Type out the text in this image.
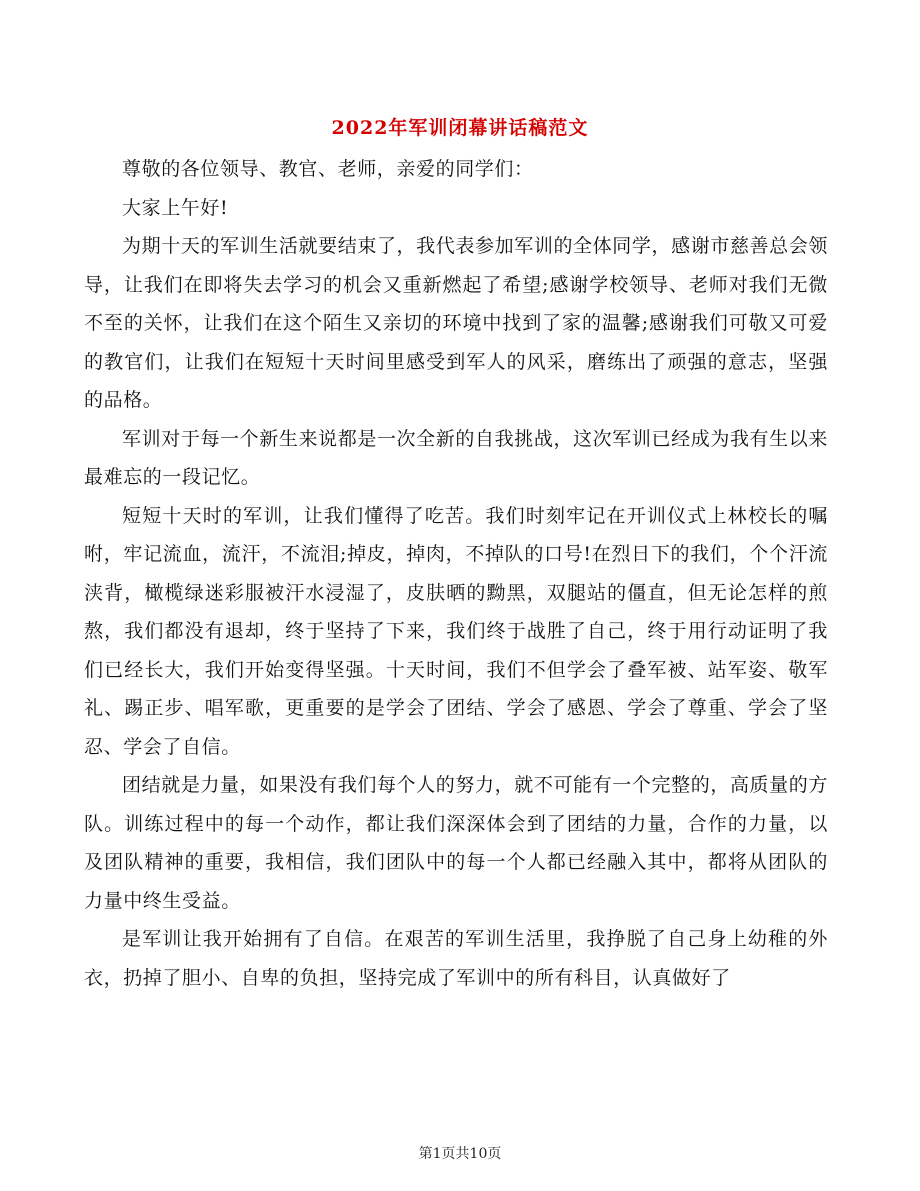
2022年军训闭幕讲话稿范文

尊敬的各位领导、教官、老师，亲爱的同学们：

大家上午好!

为期十天的军训生活就要结束了，我代表参加军训的全体同学，感谢市慈善总会领导，让我们在即将失去学习的机会又重新燃起了希望;感谢学校领导、老师对我们无微不至的关怀，让我们在这个陌生又亲切的环境中找到了家的温馨;感谢我们可敬又可爱的教官们，让我们在短短十天时间里感受到军人的风采，磨练出了顽强的意志，坚强的品格。

军训对于每一个新生来说都是一次全新的自我挑战，这次军训已经成为我有生以来最难忘的一段记忆。

短短十天时的军训，让我们懂得了吃苦。我们时刻牢记在开训仪式上林校长的嘱咐，牢记流血，流汗，不流泪;掉皮，掉肉，不掉队的口号!在烈日下的我们，个个汗流浃背，橄榄绿迷彩服被汗水浸湿了，皮肤晒的黝黑，双腿站的僵直，但无论怎样的煎熬，我们都没有退却，终于坚持了下来，我们终于战胜了自己，终于用行动证明了我们已经长大，我们开始变得坚强。十天时间，我们不但学会了叠军被、站军姿、敬军礼、踢正步、唱军歌，更重要的是学会了团结、学会了感恩、学会了尊重、学会了坚忍、学会了自信。

团结就是力量，如果没有我们每个人的努力，就不可能有一个完整的，高质量的方队。训练过程中的每一个动作，都让我们深深体会到了团结的力量，合作的力量，以及团队精神的重要，我相信，我们团队中的每一个人都已经融入其中，都将从团队的力量中终生受益。

是军训让我开始拥有了自信。在艰苦的军训生活里，我挣脱了自己身上幼稚的外衣，扔掉了胆小、自卑的负担，坚持完成了军训中的所有科目，认真做好了

第1页共10页
